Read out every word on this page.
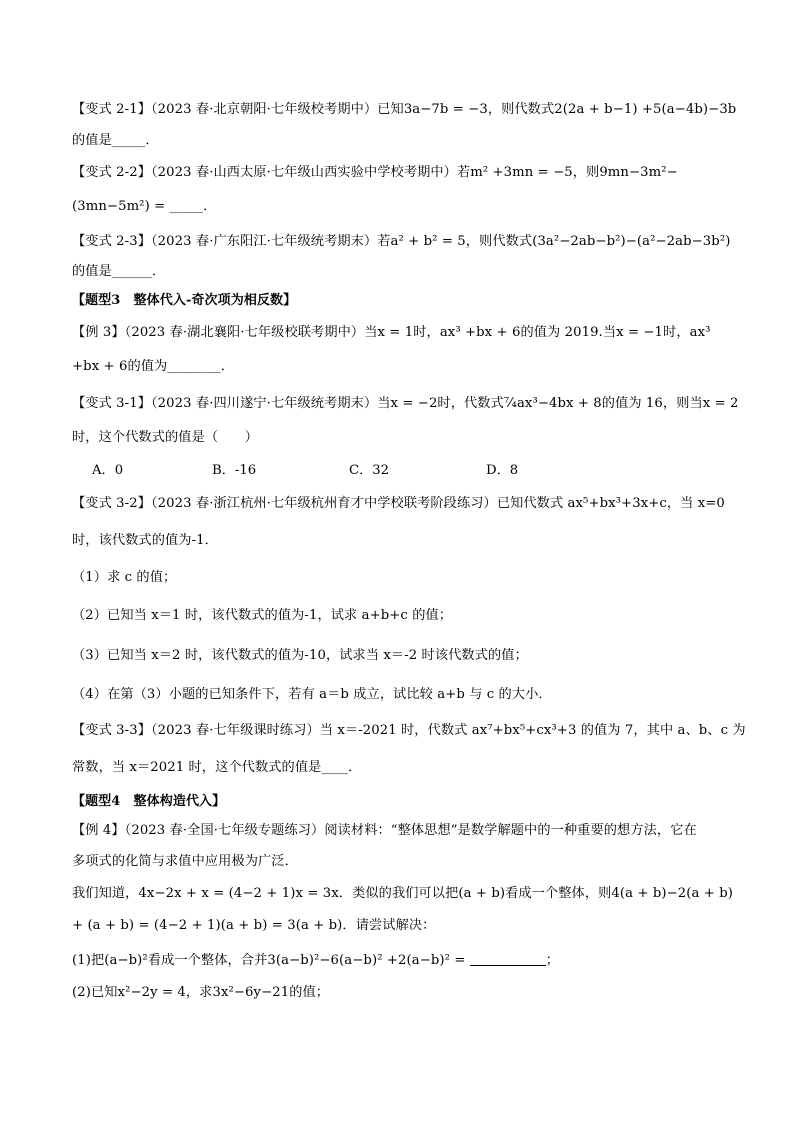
【变式 2-1】（2023 春·北京朝阳·七年级校考期中）已知3a−7b = −3，则代数式2(2a + b−1) +5(a−4b)−3b
的值是_____．
【变式 2-2】（2023 春·山西太原·七年级山西实验中学校考期中）若m² +3mn = −5，则9mn−3m²−
(3mn−5m²) = _____．
【变式 2-3】（2023 春·广东阳江·七年级统考期末）若a² + b² = 5，则代数式(3a²−2ab−b²)−(a²−2ab−3b²)
的值是______．
【题型3　整体代入-奇次项为相反数】
【例 3】（2023 春·湖北襄阳·七年级校联考期中）当x = 1时，ax³ +bx + 6的值为 2019.当x = −1时，ax³
+bx + 6的值为________．
【变式 3-1】（2023 春·四川遂宁·七年级统考期末）当x = −2时，代数式⁷⁄₄ax³−4bx + 8的值为 16，则当x = 2
时，这个代数式的值是（　　）
A．0	B．-16	C．32	D．8
【变式 3-2】（2023 春·浙江杭州·七年级杭州育才中学校联考阶段练习）已知代数式 ax⁵+bx³+3x+c，当 x=0
时，该代数式的值为-1．
（1）求 c 的值；
（2）已知当 x＝1 时，该代数式的值为-1，试求 a+b+c 的值；
（3）已知当 x＝2 时，该代数式的值为-10，试求当 x＝-2 时该代数式的值；
（4）在第（3）小题的已知条件下，若有 a＝b 成立，试比较 a+b 与 c 的大小．
【变式 3-3】（2023 春·七年级课时练习）当 x＝-2021 时，代数式 ax⁷+bx⁵+cx³+3 的值为 7，其中 a、b、c 为
常数，当 x＝2021 时，这个代数式的值是____．
【题型4　整体构造代入】
【例 4】（2023 春·全国·七年级专题练习）阅读材料：“整体思想”是数学解题中的一种重要的想方法，它在
多项式的化简与求值中应用极为广泛．
我们知道，4x−2x + x = (4−2 + 1)x = 3x．类似的我们可以把(a + b)看成一个整体，则4(a + b)−2(a + b)
+ (a + b) = (4−2 + 1)(a + b) = 3(a + b)．请尝试解决：
(1)把(a−b)²看成一个整体，合并3(a−b)²−6(a−b)² +2(a−b)² =	；
(2)已知x²−2y = 4，求3x²−6y−21的值；
